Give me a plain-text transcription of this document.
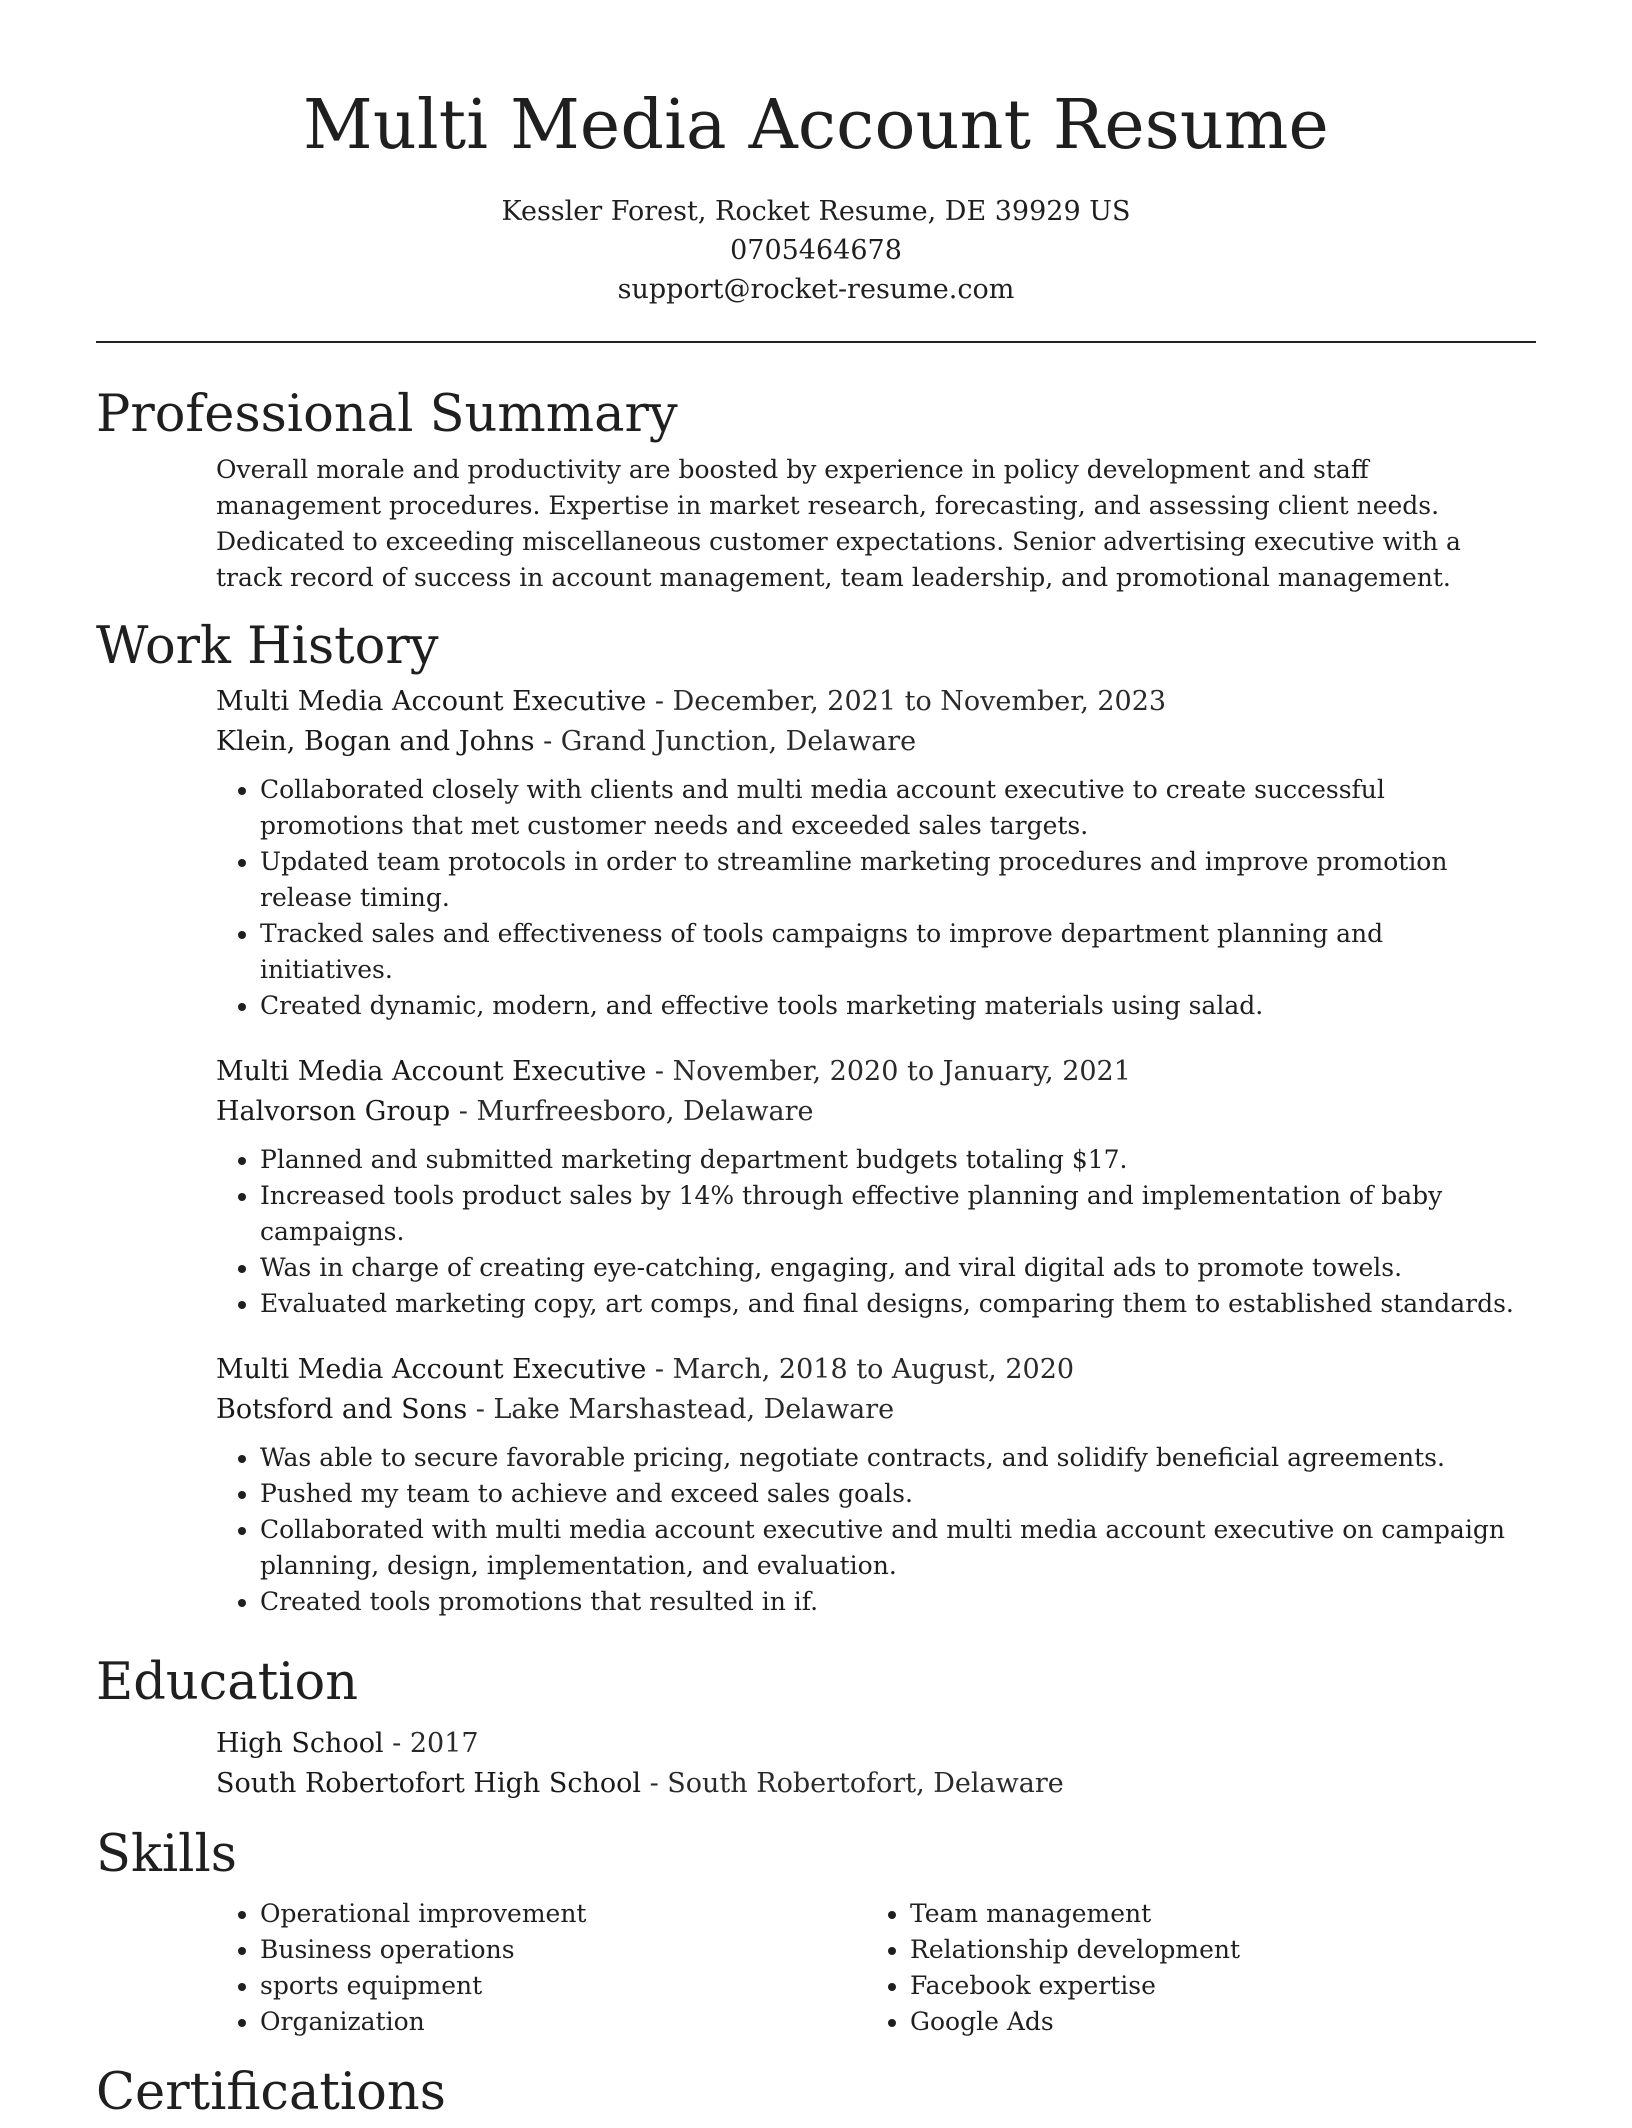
Multi Media Account Resume
Kessler Forest, Rocket Resume, DE 39929 US
0705464678
support@rocket-resume.com
Professional Summary
Overall morale and productivity are boosted by experience in policy development and staff management procedures. Expertise in market research, forecasting, and assessing client needs. Dedicated to exceeding miscellaneous customer expectations. Senior advertising executive with a track record of success in account management, team leadership, and promotional management.
Work History
Multi Media Account Executive - December, 2021 to November, 2023
Klein, Bogan and Johns - Grand Junction, Delaware
• Collaborated closely with clients and multi media account executive to create successful promotions that met customer needs and exceeded sales targets.
• Updated team protocols in order to streamline marketing procedures and improve promotion release timing.
• Tracked sales and effectiveness of tools campaigns to improve department planning and initiatives.
• Created dynamic, modern, and effective tools marketing materials using salad.
Multi Media Account Executive - November, 2020 to January, 2021
Halvorson Group - Murfreesboro, Delaware
• Planned and submitted marketing department budgets totaling $17.
• Increased tools product sales by 14% through effective planning and implementation of baby campaigns.
• Was in charge of creating eye-catching, engaging, and viral digital ads to promote towels.
• Evaluated marketing copy, art comps, and final designs, comparing them to established standards.
Multi Media Account Executive - March, 2018 to August, 2020
Botsford and Sons - Lake Marshastead, Delaware
• Was able to secure favorable pricing, negotiate contracts, and solidify beneficial agreements.
• Pushed my team to achieve and exceed sales goals.
• Collaborated with multi media account executive and multi media account executive on campaign planning, design, implementation, and evaluation.
• Created tools promotions that resulted in if.
Education
High School - 2017
South Robertofort High School - South Robertofort, Delaware
Skills
• Operational improvement
• Business operations
• sports equipment
• Organization
• Team management
• Relationship development
• Facebook expertise
• Google Ads
Certifications
